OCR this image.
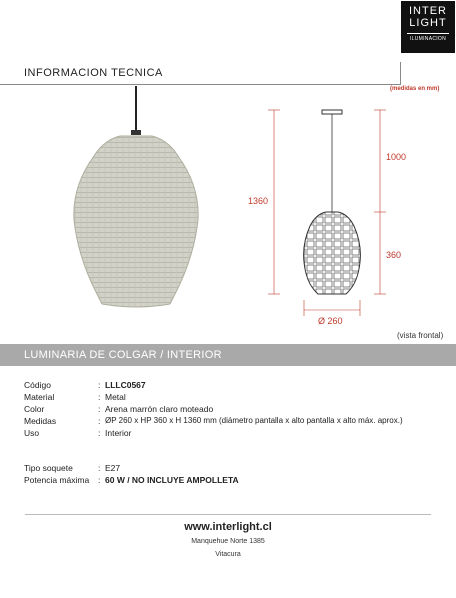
INTER
LIGHT
ILUMINACION
INFORMACION TECNICA
(medidas en mm)
1360
1000
360
Ø 260
(vista frontal)
LUMINARIA DE COLGAR / INTERIOR
Código	: LLLC0567
Material	: Metal
Color	: Arena marrón claro moteado
Medidas	: ØP 260 x HP 360 x H 1360 mm (diámetro pantalla x alto pantalla x alto máx. aprox.)
Uso	: Interior
Tipo soquete	: E27
Potencia máxima	: 60 W / NO INCLUYE AMPOLLETA
www.interlight.cl
Manquehue Norte 1385
Vitacura
